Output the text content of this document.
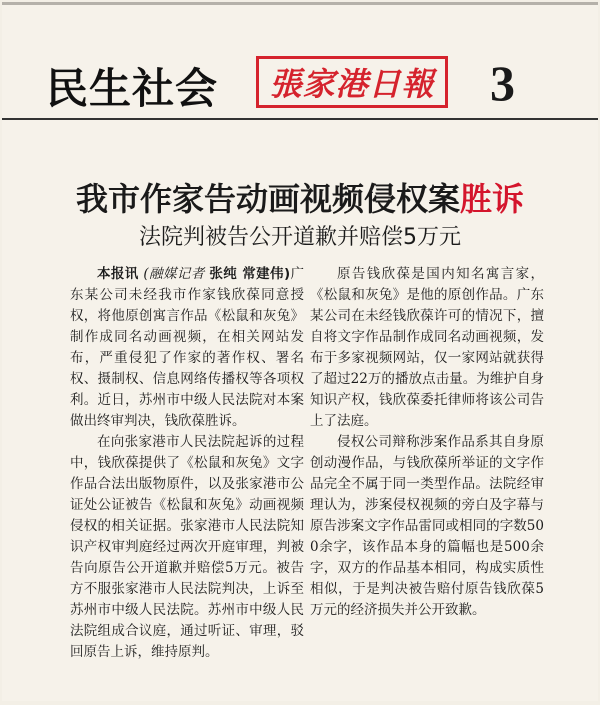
民生社会 張家港日報 3
我市作家告动画视频侵权案胜诉
法院判被告公开道歉并赔偿5万元

本报讯 (融媒记者 张纯 常建伟)广东某公司未经我市作家钱欣葆同意授权，将他原创寓言作品《松鼠和灰兔》制作成同名动画视频，在相关网站发布，严重侵犯了作家的著作权、署名权、摄制权、信息网络传播权等各项权利。近日，苏州市中级人民法院对本案做出终审判决，钱欣葆胜诉。

在向张家港市人民法院起诉的过程中，钱欣葆提供了《松鼠和灰兔》文字作品合法出版物原件，以及张家港市公证处公证被告《松鼠和灰兔》动画视频侵权的相关证据。张家港市人民法院知识产权审判庭经过两次开庭审理，判被告向原告公开道歉并赔偿5万元。被告方不服张家港市人民法院判决，上诉至苏州市中级人民法院。苏州市中级人民法院组成合议庭，通过听证、审理，驳回原告上诉，维持原判。

原告钱欣葆是国内知名寓言家，《松鼠和灰兔》是他的原创作品。广东某公司在未经钱欣葆许可的情况下，擅自将文字作品制作成同名动画视频，发布于多家视频网站，仅一家网站就获得了超过22万的播放点击量。为维护自身知识产权，钱欣葆委托律师将该公司告上了法庭。

侵权公司辩称涉案作品系其自身原创动漫作品，与钱欣葆所举证的文字作品完全不属于同一类型作品。法院经审理认为，涉案侵权视频的旁白及字幕与原告涉案文字作品雷同或相同的字数500余字，该作品本身的篇幅也是500余字，双方的作品基本相同，构成实质性相似，于是判决被告赔付原告钱欣葆5万元的经济损失并公开致歉。
